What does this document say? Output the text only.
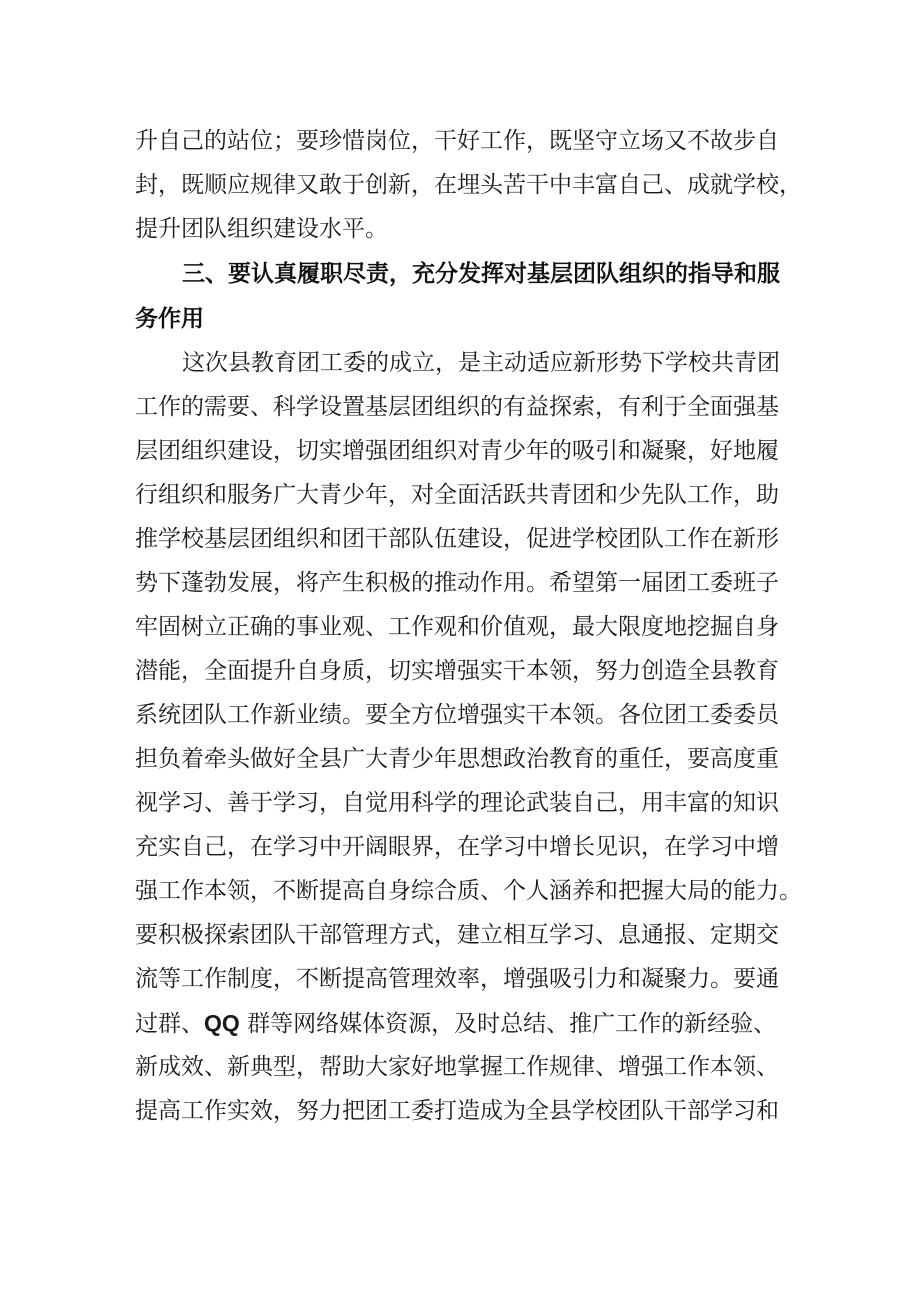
升自己的站位；要珍惜岗位，干好工作，既坚守立场又不故步自
封，既顺应规律又敢于创新，在埋头苦干中丰富自己、成就学校，
提升团队组织建设水平。
三、要认真履职尽责，充分发挥对基层团队组织的指导和服
务作用
这次县教育团工委的成立，是主动适应新形势下学校共青团
工作的需要、科学设置基层团组织的有益探索，有利于全面强基
层团组织建设，切实增强团组织对青少年的吸引和凝聚，好地履
行组织和服务广大青少年，对全面活跃共青团和少先队工作，助
推学校基层团组织和团干部队伍建设，促进学校团队工作在新形
势下蓬勃发展，将产生积极的推动作用。希望第一届团工委班子
牢固树立正确的事业观、工作观和价值观，最大限度地挖掘自身
潜能，全面提升自身质，切实增强实干本领，努力创造全县教育
系统团队工作新业绩。要全方位增强实干本领。各位团工委委员
担负着牵头做好全县广大青少年思想政治教育的重任，要高度重
视学习、善于学习，自觉用科学的理论武装自己，用丰富的知识
充实自己，在学习中开阔眼界，在学习中增长见识，在学习中增
强工作本领，不断提高自身综合质、个人涵养和把握大局的能力。
要积极探索团队干部管理方式，建立相互学习、息通报、定期交
流等工作制度，不断提高管理效率，增强吸引力和凝聚力。要通
过群、QQ 群等网络媒体资源，及时总结、推广工作的新经验、
新成效、新典型，帮助大家好地掌握工作规律、增强工作本领、
提高工作实效，努力把团工委打造成为全县学校团队干部学习和
